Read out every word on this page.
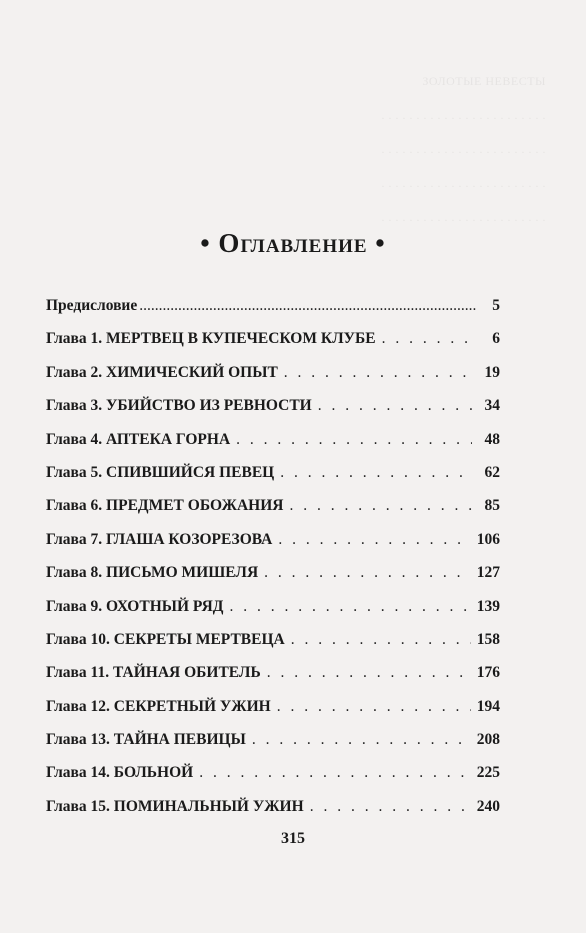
ЗОЛОТЫЕ НЕВЕСТЫ
. . . . . . . . . . . . . . . . . . . . . . . .
. . . . . . . . . . . . . . . . . . . . . . . .
. . . . . . . . . . . . . . . . . . . . . . . .
. . . . . . . . . . . . . . . . . . . . . . . .
• Оглавление •
Предисловие .....	5
Глава 1. МЕРТВЕЦ В КУПЕЧЕСКОМ КЛУБЕ . . .	6
Глава 2. ХИМИЧЕСКИЙ ОПЫТ . . .	19
Глава 3. УБИЙСТВО ИЗ РЕВНОСТИ . . .	34
Глава 4. АПТЕКА ГОРНА . . .	48
Глава 5. СПИВШИЙСЯ ПЕВЕЦ . . .	62
Глава 6. ПРЕДМЕТ ОБОЖАНИЯ . . .	85
Глава 7. ГЛАША КОЗОРЕЗОВА . . .	106
Глава 8. ПИСЬМО МИШЕЛЯ . . .	127
Глава 9. ОХОТНЫЙ РЯД . . .	139
Глава 10. СЕКРЕТЫ МЕРТВЕЦА . . .	158
Глава 11. ТАЙНАЯ ОБИТЕЛЬ . . .	176
Глава 12. СЕКРЕТНЫЙ УЖИН . . .	194
Глава 13. ТАЙНА ПЕВИЦЫ . . .	208
Глава 14. БОЛЬНОЙ . . .	225
Глава 15. ПОМИНАЛЬНЫЙ УЖИН . . .	240
315
